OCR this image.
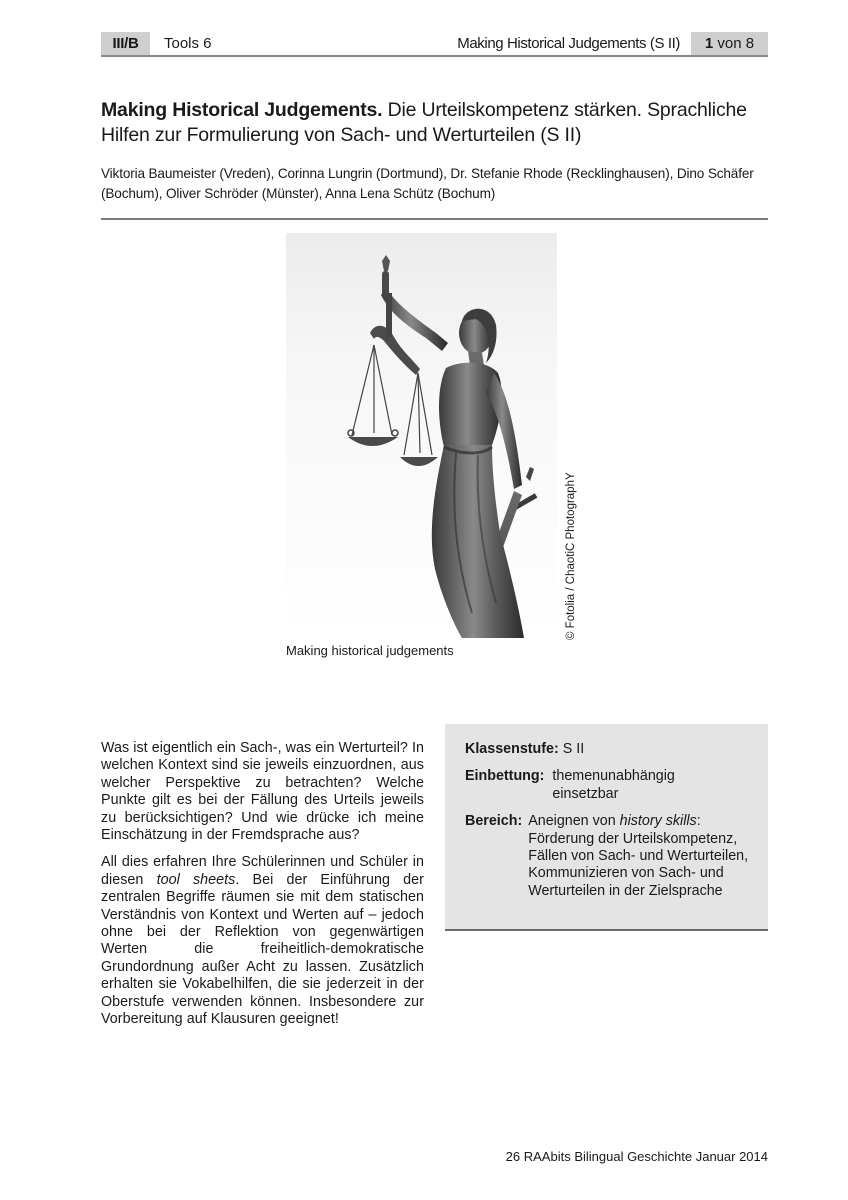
III/B	Tools 6	Making Historical Judgements (S II)	1 von 8
Making Historical Judgements. Die Urteilskompetenz stärken. Sprachliche Hilfen zur Formulierung von Sach- und Werturteilen (S II)
Viktoria Baumeister (Vreden), Corinna Lungrin (Dortmund), Dr. Stefanie Rhode (Recklinghausen), Dino Schäfer (Bochum), Oliver Schröder (Münster), Anna Lena Schütz (Bochum)
© Fotolia / ChaotiC PhotographY
Making historical judgements

Was ist eigentlich ein Sach-, was ein Werturteil? In welchen Kontext sind sie jeweils einzuordnen, aus welcher Perspektive zu betrachten? Welche Punkte gilt es bei der Fällung des Urteils jeweils zu berücksichtigen? Und wie drücke ich meine Einschätzung in der Fremdsprache aus?

All dies erfahren Ihre Schülerinnen und Schüler in diesen tool sheets. Bei der Einführung der zentralen Begriffe räumen sie mit dem statischen Verständnis von Kontext und Werten auf – jedoch ohne bei der Reflektion von gegenwärtigen Werten die freiheitlich-demokratische Grundordnung außer Acht zu lassen. Zusätzlich erhalten sie Vokabelhilfen, die sie jederzeit in der Oberstufe verwenden können. Insbesondere zur Vorbereitung auf Klausuren geeignet!

Klassenstufe: S II
Einbettung: themenunabhängig einsetzbar
Bereich: Aneignen von history skills: Förderung der Urteilskompetenz, Fällen von Sach- und Werturteilen, Kommunizieren von Sach- und Werturteilen in der Zielsprache
26 RAAbits Bilingual Geschichte Januar 2014
